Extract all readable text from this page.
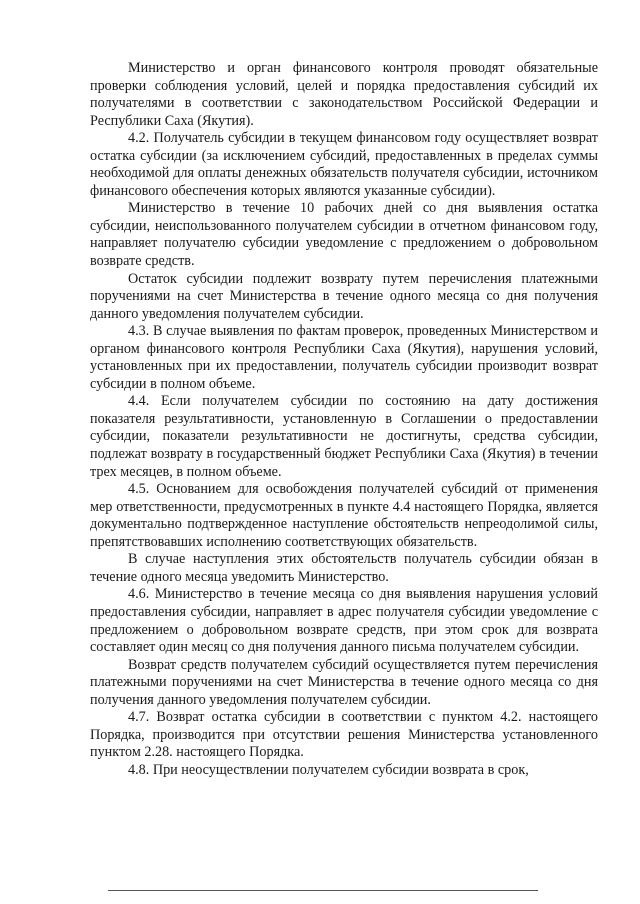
Министерство и орган финансового контроля проводят обязательные проверки соблюдения условий, целей и порядка предоставления субсидий их получателями в соответствии с законодательством Российской Федерации и Республики Саха (Якутия).

4.2. Получатель субсидии в текущем финансовом году осуществляет возврат остатка субсидии (за исключением субсидий, предоставленных в пределах суммы необходимой для оплаты денежных обязательств получателя субсидии, источником финансового обеспечения которых являются указанные субсидии).

Министерство в течение 10 рабочих дней со дня выявления остатка субсидии, неиспользованного получателем субсидии в отчетном финансовом году, направляет получателю субсидии уведомление с предложением о добровольном возврате средств.

Остаток субсидии подлежит возврату путем перечисления платежными поручениями на счет Министерства в течение одного месяца со дня получения данного уведомления получателем субсидии.

4.3. В случае выявления по фактам проверок, проведенных Министерством и органом финансового контроля Республики Саха (Якутия), нарушения условий, установленных при их предоставлении, получатель субсидии производит возврат субсидии в полном объеме.

4.4. Если получателем субсидии по состоянию на дату достижения показателя результативности, установленную в Соглашении о предоставлении субсидии, показатели результативности не достигнуты, средства субсидии, подлежат возврату в государственный бюджет Республики Саха (Якутия) в течении трех месяцев, в полном объеме.

4.5. Основанием для освобождения получателей субсидий от применения мер ответственности, предусмотренных в пункте 4.4 настоящего Порядка, является документально подтвержденное наступление обстоятельств непреодолимой силы, препятствовавших исполнению соответствующих обязательств.

В случае наступления этих обстоятельств получатель субсидии обязан в течение одного месяца уведомить Министерство.

4.6. Министерство в течение месяца со дня выявления нарушения условий предоставления субсидии, направляет в адрес получателя субсидии уведомление с предложением о добровольном возврате средств, при этом срок для возврата составляет один месяц со дня получения данного письма получателем субсидии.

Возврат средств получателем субсидий осуществляется путем перечисления платежными поручениями на счет Министерства в течение одного месяца со дня получения данного уведомления получателем субсидии.

4.7. Возврат остатка субсидии в соответствии с пунктом 4.2. настоящего Порядка, производится при отсутствии решения Министерства установленного пунктом 2.28. настоящего Порядка.

4.8. При неосуществлении получателем субсидии возврата в срок,
